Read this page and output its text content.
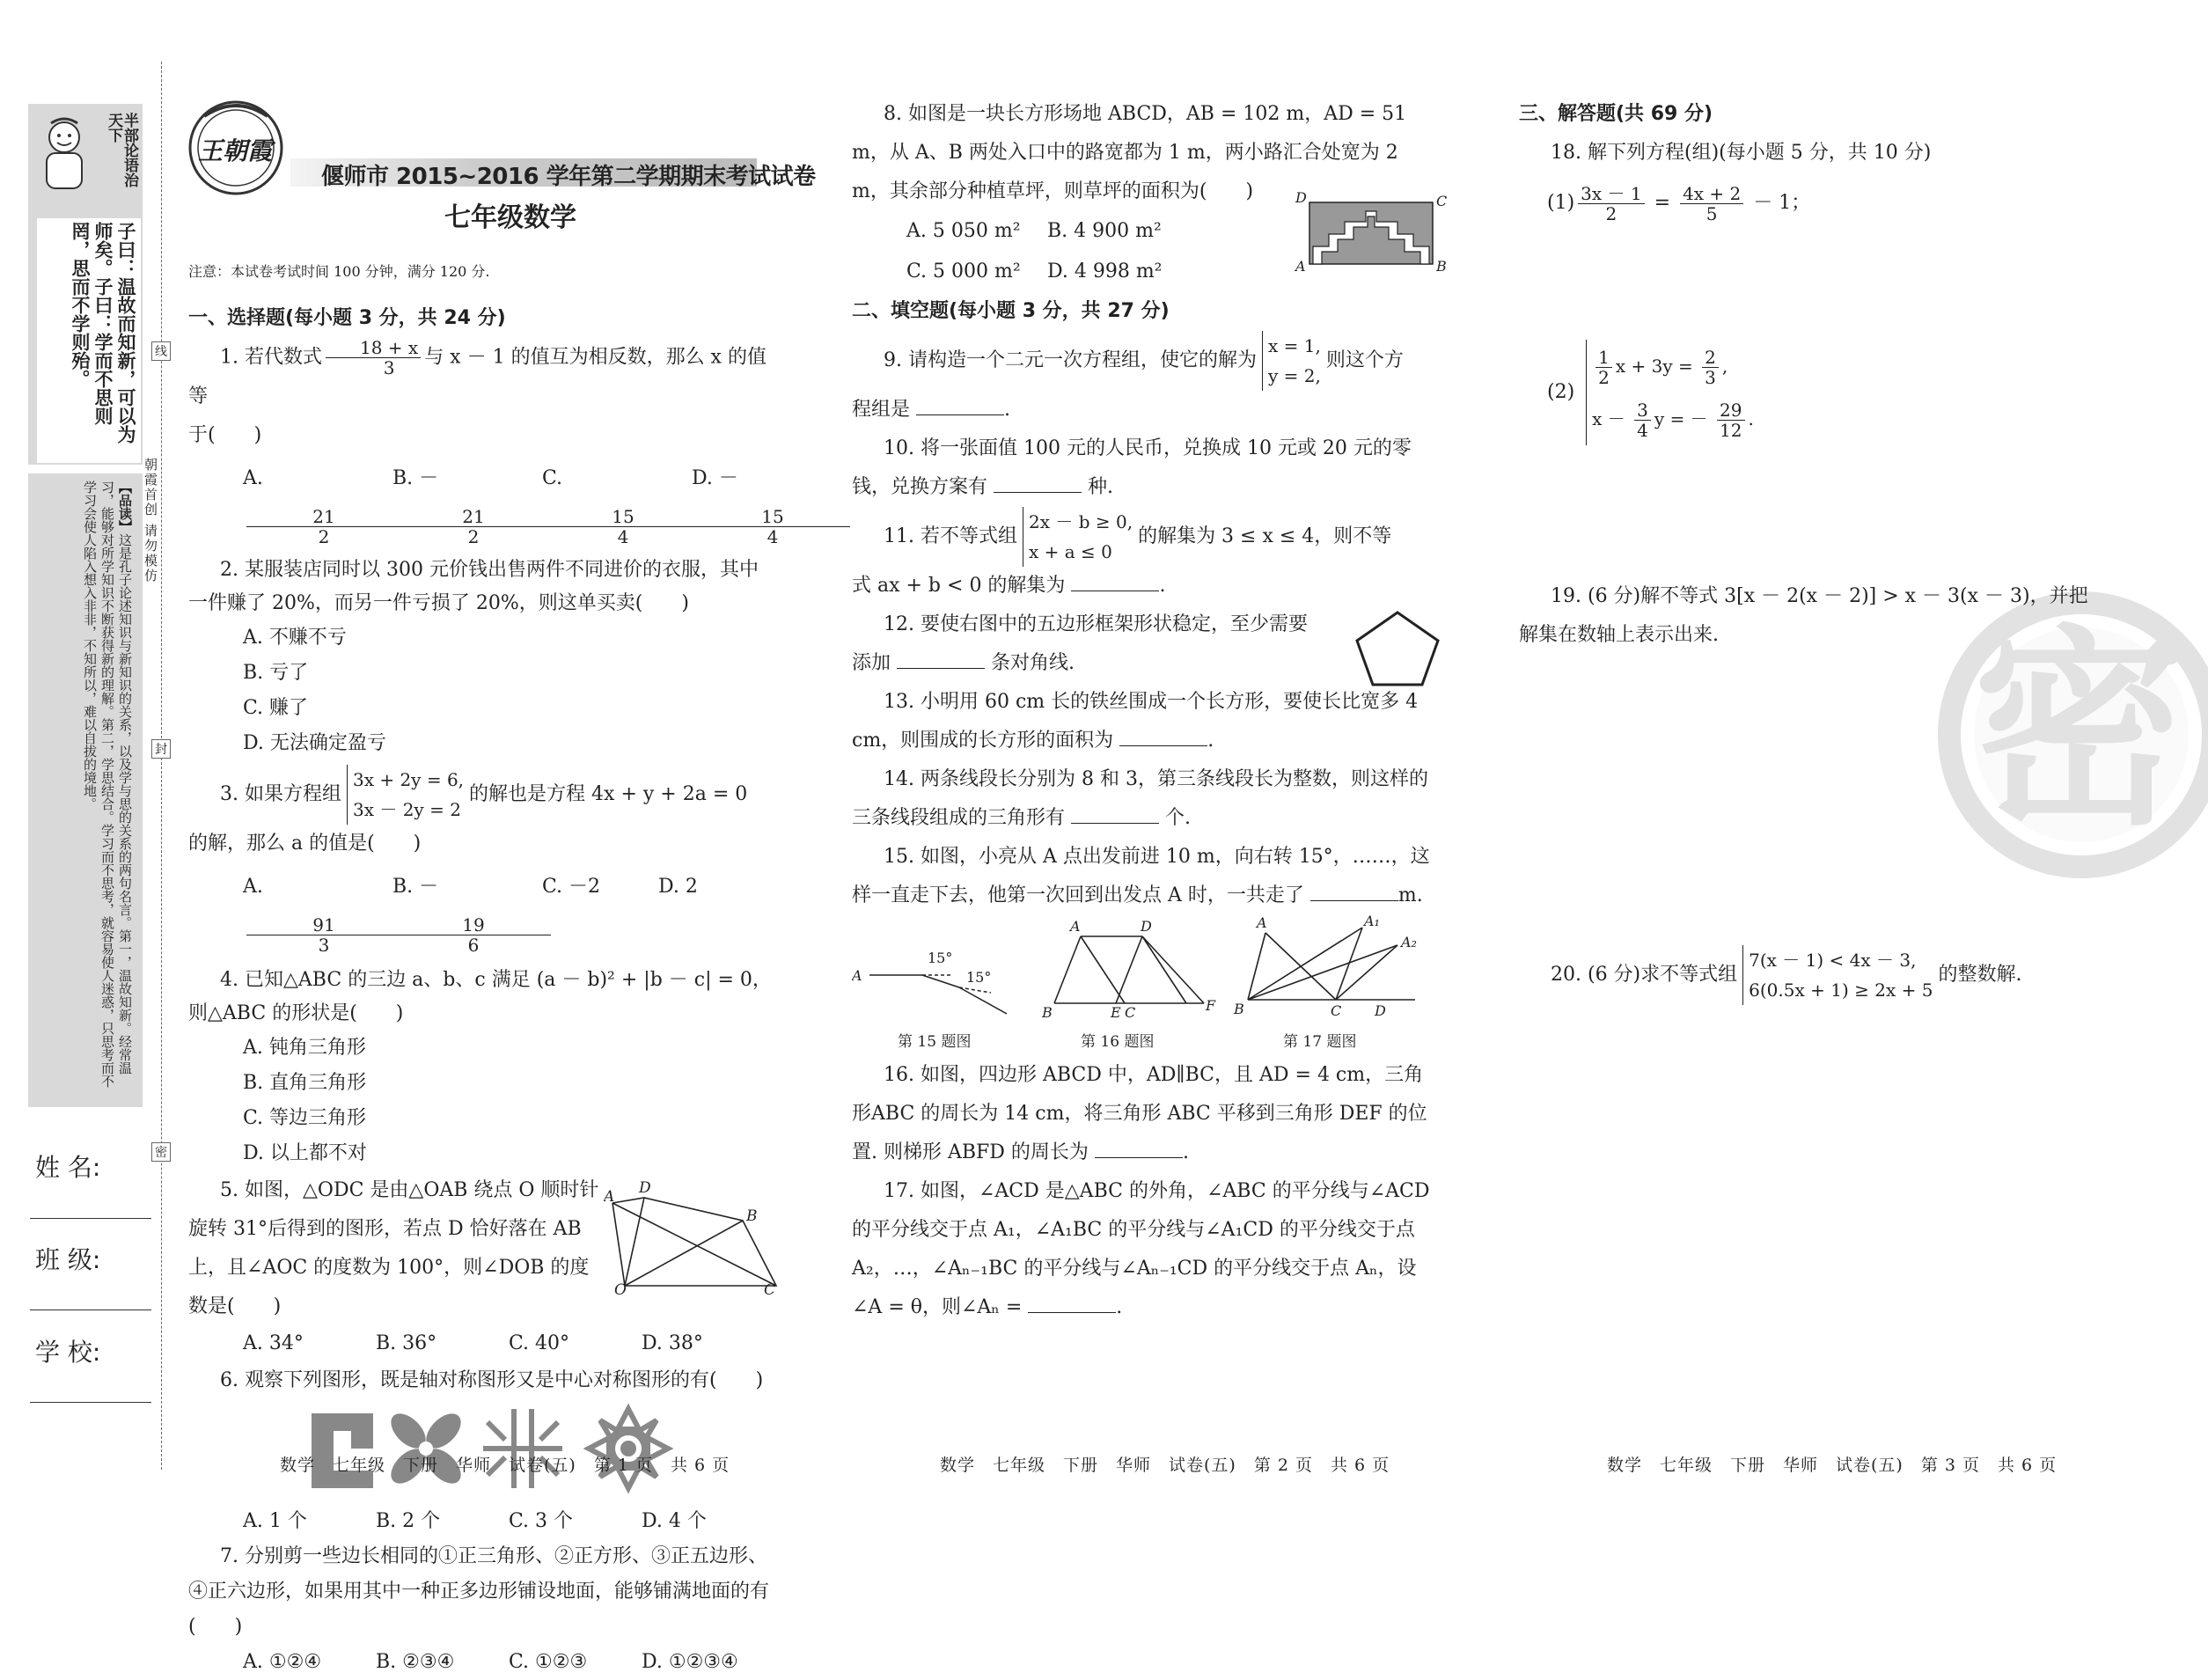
半部论语治天下
子曰：温故而知新，可以为师矣。子曰：学而不思则罔，思而不学则殆。
【品读】这是孔子论述知识与新知识的关系，以及学与思的关系的两句名言。第一，温故知新。经常温习，能够对所学知识不断获得新的理解。第二，学思结合。学习而不思考，就容易使人迷惑，只思考而不学习会使人陷入想入非非，不知所以，难以自拔的境地。
线
封
密
朝霞首创 请勿模仿
姓 名:
班 级:
学 校:
王朝霞
偃师市 2015~2016 学年第二学期期末考试试卷
七年级数学
注意：本试卷考试时间 100 分钟，满分 120 分.
一、选择题(每小题 3 分，共 24 分)
1. 若代数式 $\frac{18 + x}{3}$ 与 x － 1 的值互为相反数，那么 x 的值等
于(　　)
A.
$\frac{21}{2}$
B. －
$\frac{21}{2}$
C.
$\frac{15}{4}$
D. －
$\frac{15}{4}$
2. 某服装店同时以 300 元价钱出售两件不同进价的衣服，其中一件赚了 20%，而另一件亏损了 20%，则这单买卖(　　)
A. 不赚不亏
B. 亏了
C. 赚了
D. 无法确定盈亏
3. 如果方程组
3x + 2y = 6,
3x － 2y = 2
的解也是方程 4x + y + 2a = 0
的解，那么 a 的值是(　　)
A.
$\frac{91}{3}$
B. －
$\frac{19}{6}$
C. －2	D. 2
4. 已知△ABC 的三边 a、b、c 满足 (a － b)² + |b － c| = 0，则△ABC 的形状是(　　)
A. 钝角三角形
B. 直角三角形
C. 等边三角形
D. 以上都不对
5. 如图，△ODC 是由△OAB 绕点 O 顺时针旋转 31°后得到的图形，若点 D 恰好落在 AB 上，且∠AOC 的度数为 100°，则∠DOB 的度数是(　　)
A D
B
O	C
A. 34°	B. 36°	C. 40°	D. 38°
6. 观察下列图形，既是轴对称图形又是中心对称图形的有(　　)
A. 1 个	B. 2 个	C. 3 个	D. 4 个
7. 分别剪一些边长相同的①正三角形、②正方形、③正五边形、④正六边形，如果用其中一种正多边形铺设地面，能够铺满地面的有(　　)
A. ①②④	B. ②③④	C. ①②③	D. ①②③④
8. 如图是一块长方形场地 ABCD，AB = 102 m，AD = 51 m，从 A、B 两处入口中的路宽都为 1 m，两小路汇合处宽为 2 m，其余部分种植草坪，则草坪的面积为(　　)
A. 5 050 m²	B. 4 900 m²
C. 5 000 m²	D. 4 998 m²
D	C
A	B
二、填空题(每小题 3 分，共 27 分)
9. 请构造一个二元一次方程组，使它的解为
x = 1,
y = 2,
则这个方
程组是	.
10. 将一张面值 100 元的人民币，兑换成 10 元或 20 元的零钱，兑换方案有	种.
11. 若不等式组
2x － b ≥ 0,
x + a ≤ 0
的解集为 3 ≤ x ≤ 4，则不等
式 ax + b < 0 的解集为	.
12. 要使右图中的五边形框架形状稳定，至少需要
添加	条对角线.
13. 小明用 60 cm 长的铁丝围成一个长方形，要使长比宽多 4 cm，则围成的长方形的面积为	.
14. 两条线段长分别为 8 和 3，第三条线段长为整数，则这样的三条线段组成的三角形有	个.
15. 如图，小亮从 A 点出发前进 10 m，向右转 15°，……，这样一直走下去，他第一次回到出发点 A 时，一共走了	m.
A
15°
15°
A	D
B	E C	F
A	A₁
A₂
B	C D
第 15 题图	第 16 题图	第 17 题图
16. 如图，四边形 ABCD 中，AD∥BC，且 AD = 4 cm，三角形ABC 的周长为 14 cm，将三角形 ABC 平移到三角形 DEF 的位置. 则梯形 ABFD 的周长为	.
17. 如图，∠ACD 是△ABC 的外角，∠ABC 的平分线与∠ACD 的平分线交于点 A₁，∠A₁BC 的平分线与∠A₁CD 的平分线交于点 A₂，…，∠Aₙ₋₁BC 的平分线与∠Aₙ₋₁CD 的平分线交于点 Aₙ，设∠A = θ，则∠Aₙ =	.
密
三、解答题(共 69 分)
18. 解下列方程(组)(每小题 5 分，共 10 分)
$(1) \frac{3x - 1}{2} = \frac{4x + 2}{5} - 1$；
(2)
$\frac{1}{2}$ $x + 3y = \frac{2}{3}$ ,
$x - \frac{3}{4}$ y = － $\frac{29}{12}$ .
19. (6 分)解不等式 3[x － 2(x － 2)] > x － 3(x － 3)，并把解集在数轴上表示出来.
20. (6 分)求不等式组
7(x － 1) < 4x － 3,
6(0.5x + 1) ≥ 2x + 5
的整数解.
数学　七年级　下册　华师　试卷(五)　第 1 页　共 6 页	数学　七年级　下册　华师　试卷(五)　第 2 页　共 6 页	数学　七年级　下册　华师　试卷(五)　第 3 页　共 6 页
